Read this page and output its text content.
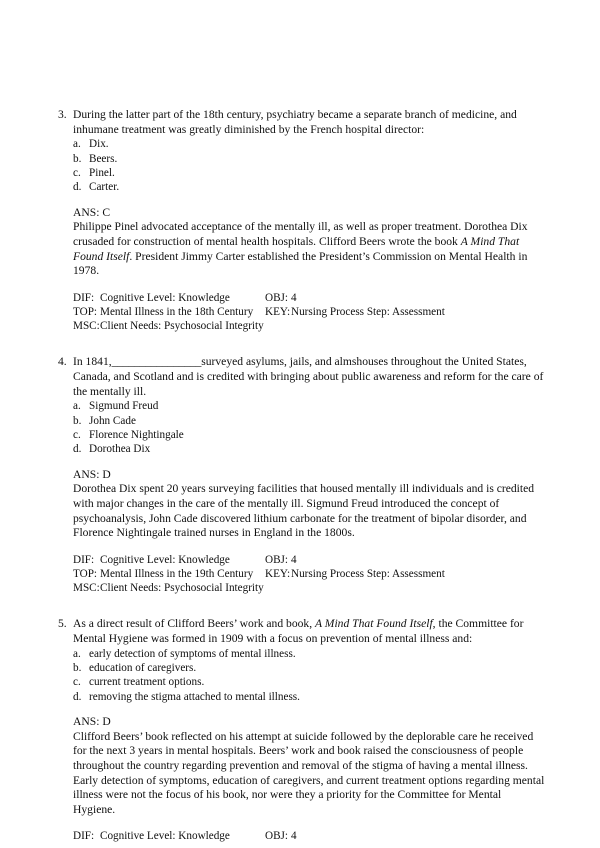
3. During the latter part of the 18th century, psychiatry became a separate branch of medicine, and inhumane treatment was greatly diminished by the French hospital director:
a. Dix.
b. Beers.
c. Pinel.
d. Carter.
ANS: C
Philippe Pinel advocated acceptance of the mentally ill, as well as proper treatment. Dorothea Dix crusaded for construction of mental health hospitals. Clifford Beers wrote the book A Mind That Found Itself. President Jimmy Carter established the President’s Commission on Mental Health in 1978.
DIF: Cognitive Level: Knowledge	OBJ: 4
TOP: Mental Illness in the 18th Century	KEY: Nursing Process Step: Assessment
MSC: Client Needs: Psychosocial Integrity
4. In 1841,________________surveyed asylums, jails, and almshouses throughout the United States, Canada, and Scotland and is credited with bringing about public awareness and reform for the care of the mentally ill.
a. Sigmund Freud
b. John Cade
c. Florence Nightingale
d. Dorothea Dix
ANS: D
Dorothea Dix spent 20 years surveying facilities that housed mentally ill individuals and is credited with major changes in the care of the mentally ill. Sigmund Freud introduced the concept of psychoanalysis, John Cade discovered lithium carbonate for the treatment of bipolar disorder, and Florence Nightingale trained nurses in England in the 1800s.
DIF: Cognitive Level: Knowledge	OBJ: 4
TOP: Mental Illness in the 19th Century	KEY: Nursing Process Step: Assessment
MSC: Client Needs: Psychosocial Integrity
5. As a direct result of Clifford Beers’ work and book, A Mind That Found Itself, the Committee for Mental Hygiene was formed in 1909 with a focus on prevention of mental illness and:
a. early detection of symptoms of mental illness.
b. education of caregivers.
c. current treatment options.
d. removing the stigma attached to mental illness.
ANS: D
Clifford Beers’ book reflected on his attempt at suicide followed by the deplorable care he received for the next 3 years in mental hospitals. Beers’ work and book raised the consciousness of people throughout the country regarding prevention and removal of the stigma of having a mental illness. Early detection of symptoms, education of caregivers, and current treatment options regarding mental illness were not the focus of his book, nor were they a priority for the Committee for Mental Hygiene.
DIF: Cognitive Level: Knowledge	OBJ: 4
